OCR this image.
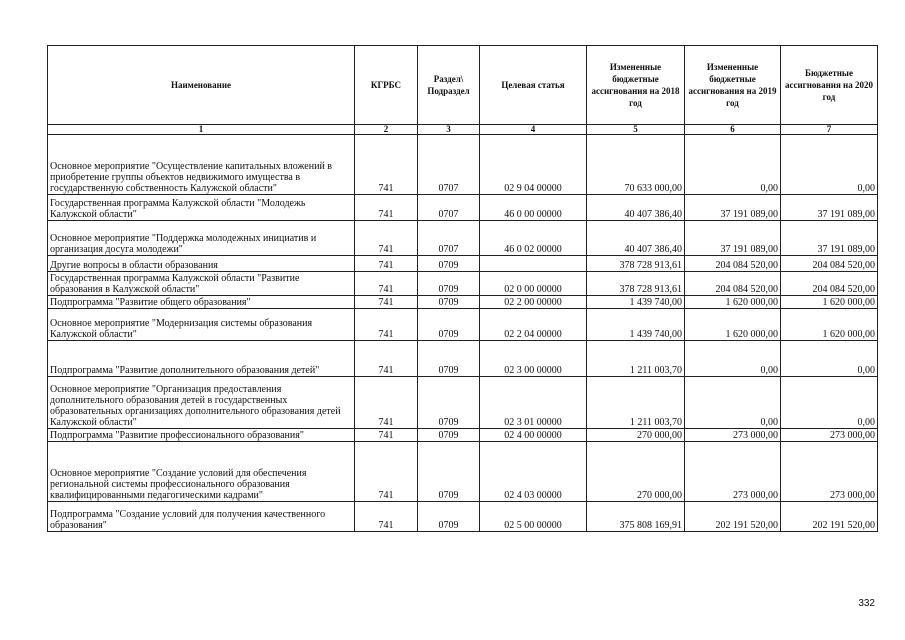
Наименование	КГРБС	Раздел\ Подраздел	Целевая статья	Измененные бюджетные ассигнования на 2018 год	Измененные бюджетные ассигнования на 2019 год	Бюджетные ассигнования на 2020 год
1	2	3	4	5	6	7
Основное мероприятие "Осуществление капитальных вложений в приобретение группы объектов недвижимого имущества в государственную собственность Калужской области"	741	0707	02 9 04 00000	70 633 000,00	0,00	0,00
Государственная программа Калужской области "Молодежь Калужской области"	741	0707	46 0 00 00000	40 407 386,40	37 191 089,00	37 191 089,00
Основное мероприятие "Поддержка молодежных инициатив и организация досуга молодежи"	741	0707	46 0 02 00000	40 407 386,40	37 191 089,00	37 191 089,00
Другие вопросы в области образования	741	0709		378 728 913,61	204 084 520,00	204 084 520,00
Государственная программа Калужской области "Развитие образования в Калужской области"	741	0709	02 0 00 00000	378 728 913,61	204 084 520,00	204 084 520,00
Подпрограмма "Развитие общего образования"	741	0709	02 2 00 00000	1 439 740,00	1 620 000,00	1 620 000,00
Основное мероприятие "Модернизация системы образования Калужской области"	741	0709	02 2 04 00000	1 439 740,00	1 620 000,00	1 620 000,00
Подпрограмма "Развитие дополнительного образования детей"	741	0709	02 3 00 00000	1 211 003,70	0,00	0,00
Основное мероприятие "Организация предоставления дополнительного образования детей в государственных образовательных организациях дополнительного образования детей Калужской области"	741	0709	02 3 01 00000	1 211 003,70	0,00	0,00
Подпрограмма "Развитие профессионального образования"	741	0709	02 4 00 00000	270 000,00	273 000,00	273 000,00
Основное мероприятие "Создание условий для обеспечения региональной системы профессионального образования квалифицированными педагогическими кадрами"	741	0709	02 4 03 00000	270 000,00	273 000,00	273 000,00
Подпрограмма "Создание условий для получения качественного образования"	741	0709	02 5 00 00000	375 808 169,91	202 191 520,00	202 191 520,00
332
